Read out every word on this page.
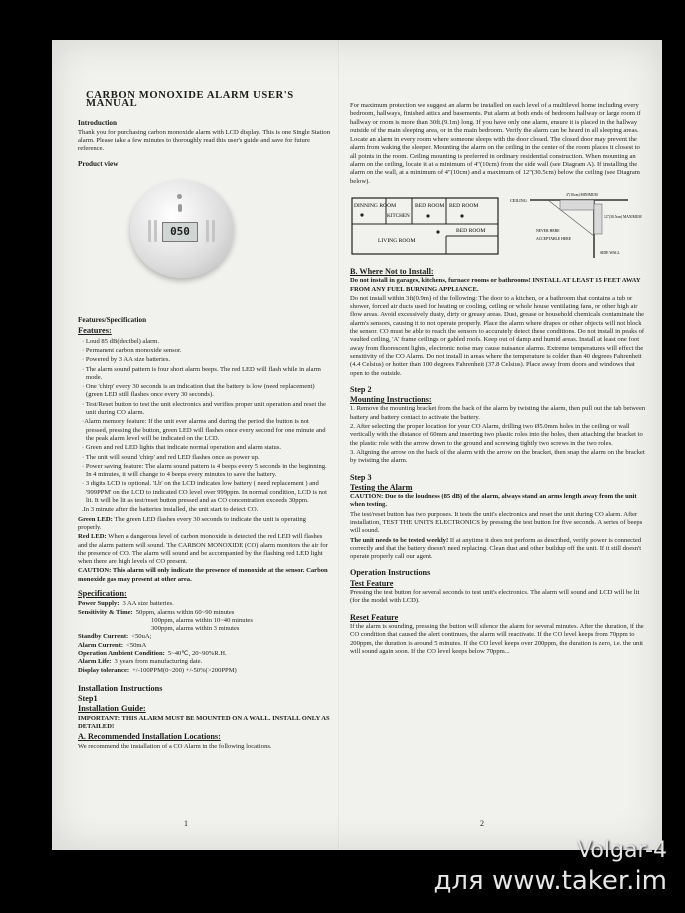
CARBON MONOXIDE ALARM USER'S MANUAL
Introduction

Thank you for purchasing carbon monoxide alarm with LCD display. This is one Single Station alarm. Please take a few minutes to thoroughly read this user's guide and save for future reference.

Product view
050
Features/Specification
Features:

· Loud 85 dB(decibel) alarm.

· Permanent carbon monoxide sensor.

· Powered by 3 AA size batteries.

· The alarm sound pattern is four short alarm beeps. The red LED will flash while in alarm mode.

· One 'chirp' every 30 seconds is an indication that the battery is low (need replacement) (green LED still flashes once every 30 seconds).

· Test/Reset button to test the unit electronics and verifies proper unit operation and reset the unit during CO alarm.

·Alarm memory feature: If the unit ever alarms and during the period the button is not pressed, pressing the button, green LED will flashes once every second for one minute and the peak alarm level will be indicated on the LCD.

· Green and red LED lights that indicate normal operation and alarm status.

· The unit will sound 'chirp' and red LED flashes once as power up.

· Power saving feature: The alarm sound pattern is 4 beeps every 5 seconds in the beginning. In 4 minutes, it will change to 4 beeps every minutes to save the battery.

· 3 digits LCD is optional. 'Lb' on the LCD indicates low battery ( need replacement ) and '999PPM' on the LCD to indicated CO level over 999ppm. In normal condition, LCD is not lit. It will be lit as test/reset button pressed and as CO concentration exceeds 30ppm.

.In 3 minute after the batteries installed, the unit start to detect CO.

Green LED: The green LED flashes every 30 seconds to indicate the unit is operating properly.

Red LED: When a dangerous level of carbon monoxide is detected the red LED will flashes and the alarm pattern will sound. The CARBON MONOXIDE (CO) alarm monitors the air for the presence of CO. The alarm will sound and be accompanied by the flashing red LED light when there are high levels of CO present.

CAUTION: This alarm will only indicate the presence of monoxide at the sensor. Carbon monoxide gas may present at other area.

Specification:
Power Supply: 3 AA size batteries.
Sensitivity & Time: 50ppm, alarms within 60~90 minutes
100ppm, alarms within 10~40 minutes
300ppm, alarms within 3 minutes
Standby Current: <50uA;
Alarm Current: <50mA
Operation Ambient Condition: 5~40℃, 20~90%R.H.
Alarm Life: 3 years from manufacturing date.
Display tolerance: +/-100PPM(0~200) +/-50%(>200PPM)
Installation Instructions
Step1
Installation Guide:

IMPORTANT: THIS ALARM MUST BE MOUNTED ON A WALL. INSTALL ONLY AS DETAILED!

A. Recommended Installation Locations:

We recommend the installation of a CO Alarm in the following locations.

For maximum protection we suggest an alarm be installed on each level of a multilevel home including every bedroom, hallways, finished attics and basements. Put alarm at both ends of bedroom hallway or large room if hallway or room is more than 30ft.(9.1m) long. If you have only one alarm, ensure it is placed in the hallway outside of the main sleeping area, or in the main bedroom. Verify the alarm can be heard in all sleeping areas.

Locate an alarm in every room where someone sleeps with the door closed. The closed door may prevent the alarm from waking the sleeper. Mounting the alarm on the ceiling in the center of the room places it closest to all points in the room. Ceiling mounting is preferred in ordinary residential construction. When mounting an alarm on the ceiling, locate it at a minimum of 4"(10cm) from the side wall (see Diagram A). If installing the alarm on the wall, at a minimum of 4"(10cm) and a maximum of 12"(30.5cm) below the ceiling (see Diagram below).

DINNING ROOM
KITCHEN
BED ROOM BED ROOM
LIVING ROOM
BED ROOM
CEILING
4"(10cm) MINIMUM
12"(30.5cm) MAXIMUM
NEVER HERE
ACCEPTABLE HERE
SIDE WALL
B. Where Not to Install:

Do not install in garages, kitchens, furnace rooms or bathrooms! INSTALL AT LEAST 15 FEET AWAY FROM ANY FUEL BURNING APPLIANCE.

Do not install within 3ft(0.9m) of the following: The door to a kitchen, or a bathroom that contains a tub or shower, forced air ducts used for heating or cooling, ceiling or whole house ventilating fans, or other high air flow areas. Avoid excessively dusty, dirty or greasy areas. Dust, grease or household chemicals contaminate the alarm's sensors, causing it to not operate properly. Place the alarm where drapes or other objects will not block the sensor. CO must be able to reach the sensors to accurately detect these conditions. Do not install in peaks of vaulted ceiling, 'A' frame ceilings or gabled roofs. Keep out of damp and humid areas. Install at least one foot away from fluorescent lights, electronic noise may cause nuisance alarms. Extreme temperatures will effect the sensitivity of the CO Alarm. Do not install in areas where the temperature is colder than 40 degrees Fahrenheit (4.4 Celsius) or hotter than 100 degrees Fahrenheit (37.8 Celsius). Place away from doors and windows that open to the outside.

Step 2
Mounting Instructions:

1. Remove the mounting bracket from the back of the alarm by twisting the alarm, then pull out the tab between battery and battery contact to activate the battery.

2. After selecting the proper location for your CO Alarm, drilling two Ø5.0mm holes in the ceiling or wall vertically with the distance of 60mm and inserting two plastic roles into the holes, then attaching the bracket to the plastic role with the arrow down to the ground and screwing tightly two screws in the two roles.

3. Aligning the arrow on the back of the alarm with the arrow on the bracket, then snap the alarm on the bracket by twisting the alarm.

Step 3
Testing the Alarm

CAUTION: Due to the loudness (85 dB) of the alarm, always stand an arms length away from the unit when testing.

The test/reset button has two purposes. It tests the unit's electronics and reset the unit during CO alarm. After installation, TEST THE UNITS ELECTRONICS by pressing the test button for five seconds. A series of beeps will sound.

The unit needs to be tested weekly! If at anytime it does not perform as described, verify power is connected correctly and that the battery doesn't need replacing. Clean dust and other buildup off the unit. If it still doesn't operate properly call our agent.

Operation Instructions
Test Feature

Pressing the test button for several seconds to test unit's electronics. The alarm will sound and LCD will be lit (for the model with LCD).

Reset Feature

If the alarm is sounding, pressing the button will silence the alarm for several minutes. After the duration, if the CO condition that caused the alert continues, the alarm will reactivate. If the CO level keeps from 70ppm to 200ppm, the duration is around 5 minutes. If the CO level keeps over 200ppm, the duration is zero, i.e. the unit will sound again soon. If the CO level keeps below 70ppm...

1	2
Volgar-4
для www.taker.im
